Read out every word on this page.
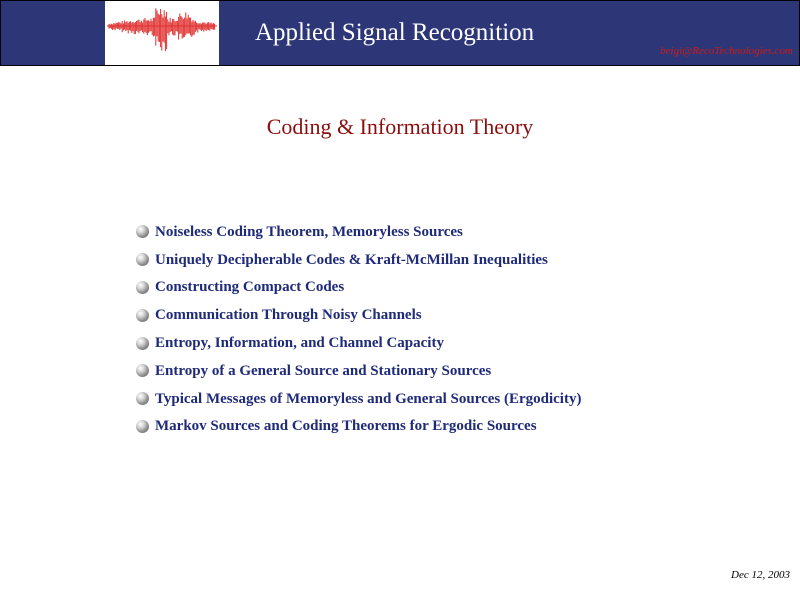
Applied Signal Recognition
beigi@RecoTechnologies.com
Coding & Information Theory
Noiseless Coding Theorem, Memoryless Sources
Uniquely Decipherable Codes & Kraft-McMillan Inequalities
Constructing Compact Codes
Communication Through Noisy Channels
Entropy, Information, and Channel Capacity
Entropy of a General Source and Stationary Sources
Typical Messages of Memoryless and General Sources (Ergodicity)
Markov Sources and Coding Theorems for Ergodic Sources
Dec 12, 2003
